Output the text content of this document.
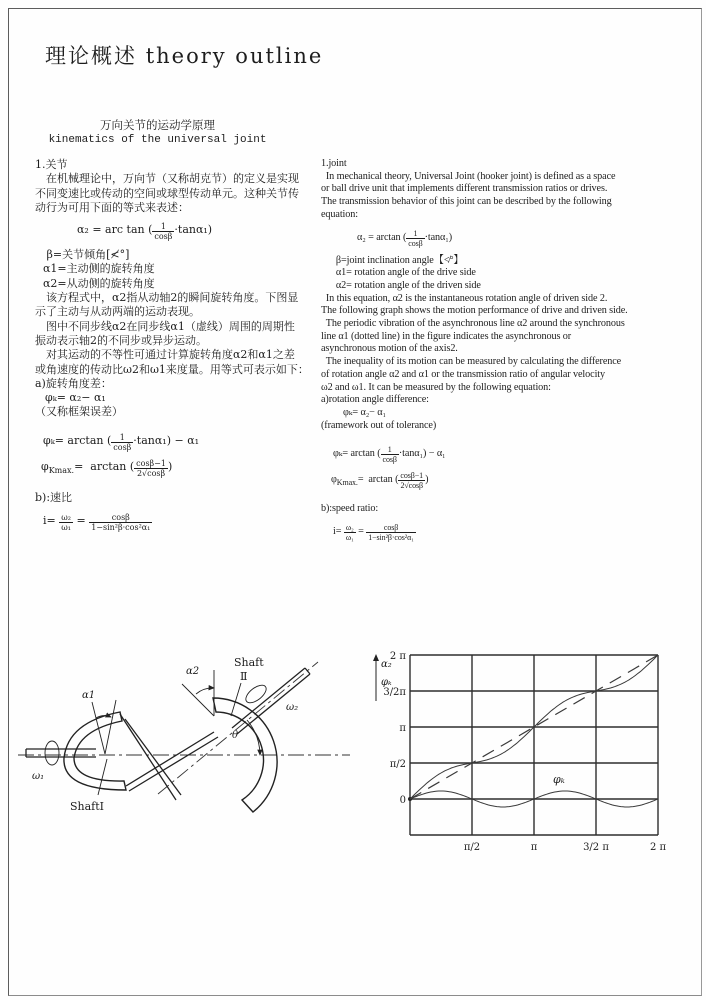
理论概述 theory outline
万向关节的运动学原理
kinematics of the universal joint
1.关节
　在机械理论中，万向节（又称胡克节）的定义是实现
不同变速比或传动的空间或球型传动单元。这种关节传
动行为可用下面的等式来表述：
α₂ = arc tan ( $\frac{1}{\cos\beta} \cdot\tan\alpha_1$)
β=关节倾角[≮°]
α1=主动侧的旋转角度
α2=从动侧的旋转角度
　该方程式中，α2指从动轴2的瞬间旋转角度。下图显
示了主动与从动两端的运动表现。
　图中不同步线α2在同步线α1（虚线）周围的周期性
振动表示轴2的不同步或异步运动。
　对其运动的不等性可通过计算旋转角度α2和α1之差
或角速度的传动比ω2和ω1来度量。用等式可表示如下：
a)旋转角度差：
φₖ= α₂− α₁
（又称框架误差）
φₖ= arctan ( $\frac{1}{\cos\beta} \cdot\tan\alpha_1) - \alpha_1$
$\varphi_{Kmax.}= \arctan$ ( $\frac{\cos\beta-1}{2√\cos\beta}$ )
b):速比
$i= \frac{\text{ω₂}}{\text{ω₁}} = \frac{\cos\beta}{\text{1−sin²β·cos²α₁}}$
1.joint
In mechanical theory, Universal Joint (hooker joint) is defined as a space
or ball drive unit that implements different transmission ratios or drives.
The transmission behavior of this joint can be described by the following
equation:
α₂ = arctan ( $\frac{1}{\cos\beta} \cdot\tan\alpha_1$)
β=joint inclination angle【≮°】
α1= rotation angle of the drive side
α2= rotation angle of the driven side
In this equation, α2 is the instantaneous rotation angle of driven side 2.
The following graph shows the motion performance of drive and driven side.
The periodic vibration of the asynchronous line α2 around the synchronous
line α1 (dotted line) in the figure indicates the asynchronous or
asynchronous motion of the axis2.
The inequality of its motion can be measured by calculating the difference
of rotation angle α2 and α1 or the transmission ratio of angular velocity
ω2 and ω1. It can be measured by the following equation:
a)rotation angle difference:
φₖ= α₂− α₁
(framework out of tolerance)
φₖ= arctan ( $\frac{1}{\cos\beta} \cdot\tan\alpha_1) - \alpha_1$
$\varphi_{Kmax.}= \arctan$ ( $\frac{\cos\beta-1}{2√\cos\beta}$ )
b):speed ratio:
$i= \frac{\text{ω₂}}{\text{ω₁}} = \frac{\cos\beta}{\text{1−sin²β·cos²α₁}}$
ω₁
α1
ShaftI
ω₂
Shaft
Ⅱ
α2
θ
α₂
φₖ
2 π
3/2π
π
π/2
0
π/2	π	3/2 π	2 π
φₖ
